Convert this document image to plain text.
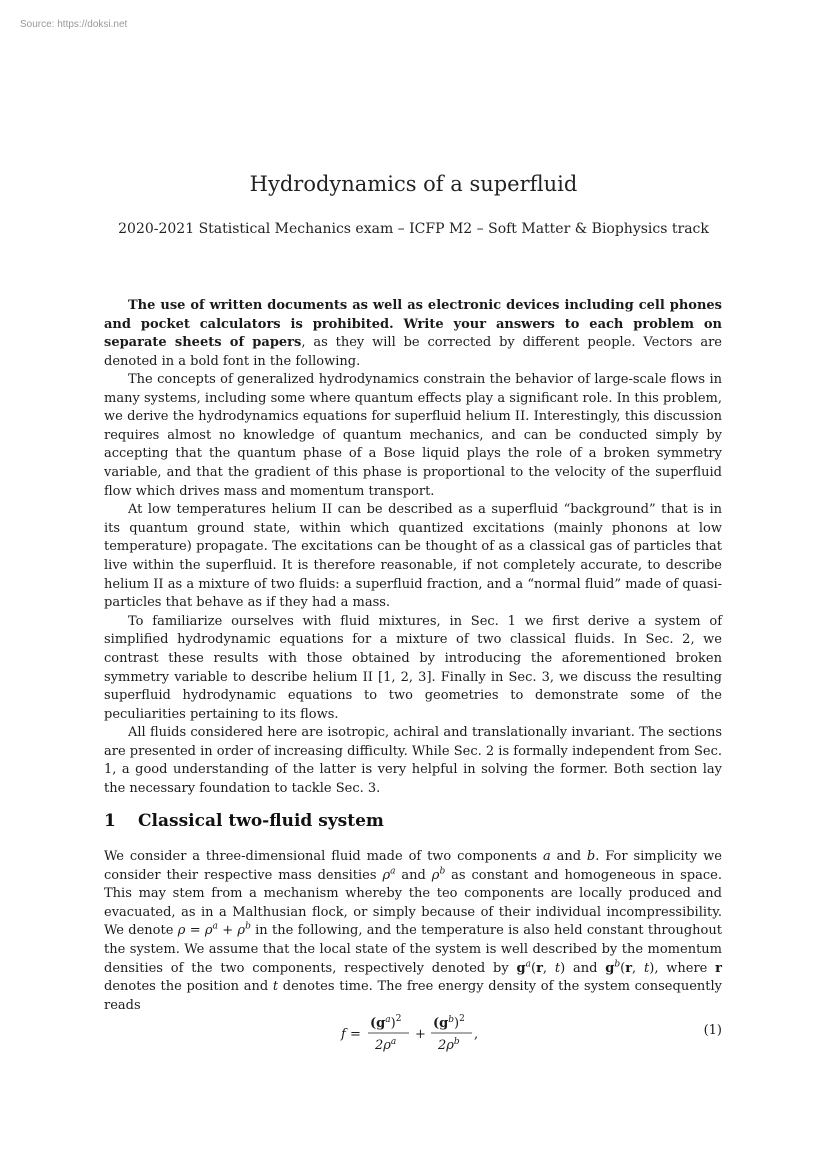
Source: https://doksi.net
Hydrodynamics of a superfluid
2020-2021 Statistical Mechanics exam – ICFP M2 – Soft Matter & Biophysics track

The use of written documents as well as electronic devices including cell phones and pocket calculators is prohibited. Write your answers to each problem on separate sheets of papers, as they will be corrected by different people. Vectors are denoted in a bold font in the following.

The concepts of generalized hydrodynamics constrain the behavior of large-scale flows in many systems, including some where quantum effects play a significant role. In this problem, we derive the hydrodynamics equations for superfluid helium II. Interestingly, this discussion requires almost no knowledge of quantum mechanics, and can be conducted simply by accepting that the quantum phase of a Bose liquid plays the role of a broken symmetry variable, and that the gradient of this phase is proportional to the velocity of the superfluid flow which drives mass and momentum transport.

At low temperatures helium II can be described as a superfluid “background” that is in its quantum ground state, within which quantized excitations (mainly phonons at low temperature) propagate. The excitations can be thought of as a classical gas of particles that live within the superfluid. It is therefore reasonable, if not completely accurate, to describe helium II as a mixture of two fluids: a superfluid fraction, and a “normal fluid” made of quasi-particles that behave as if they had a mass.

To familiarize ourselves with fluid mixtures, in Sec. 1 we first derive a system of simplified hydrodynamic equations for a mixture of two classical fluids. In Sec. 2, we contrast these results with those obtained by introducing the aforementioned broken symmetry variable to describe helium II [1, 2, 3]. Finally in Sec. 3, we discuss the resulting superfluid hydrodynamic equations to two geometries to demonstrate some of the peculiarities pertaining to its flows.

All fluids considered here are isotropic, achiral and translationally invariant. The sections are presented in order of increasing difficulty. While Sec. 2 is formally independent from Sec. 1, a good understanding of the latter is very helpful in solving the former. Both section lay the necessary foundation to tackle Sec. 3.

1 Classical two-fluid system

We consider a three-dimensional fluid made of two components a and b. For simplicity we consider their respective mass densities $\rho^a$ and $\rho^b$ as constant and homogeneous in space. This may stem from a mechanism whereby the teo components are locally produced and evacuated, as in a Malthusian flock, or simply because of their individual incompressibility. We denote $\rho = \rho^a + \rho^b$ in the following, and the temperature is also held constant throughout the system. We assume that the local state of the system is well described by the momentum densities of the two components, respectively denoted by $g^a(r$, t) and $g^b(r$, t), where r denotes the position and t denotes time. The free energy density of the system consequently reads

f =
$(g^a)^2$
$2\rho^a$ +
$(g^b)^2$
$2\rho^b$ ,	(1)
